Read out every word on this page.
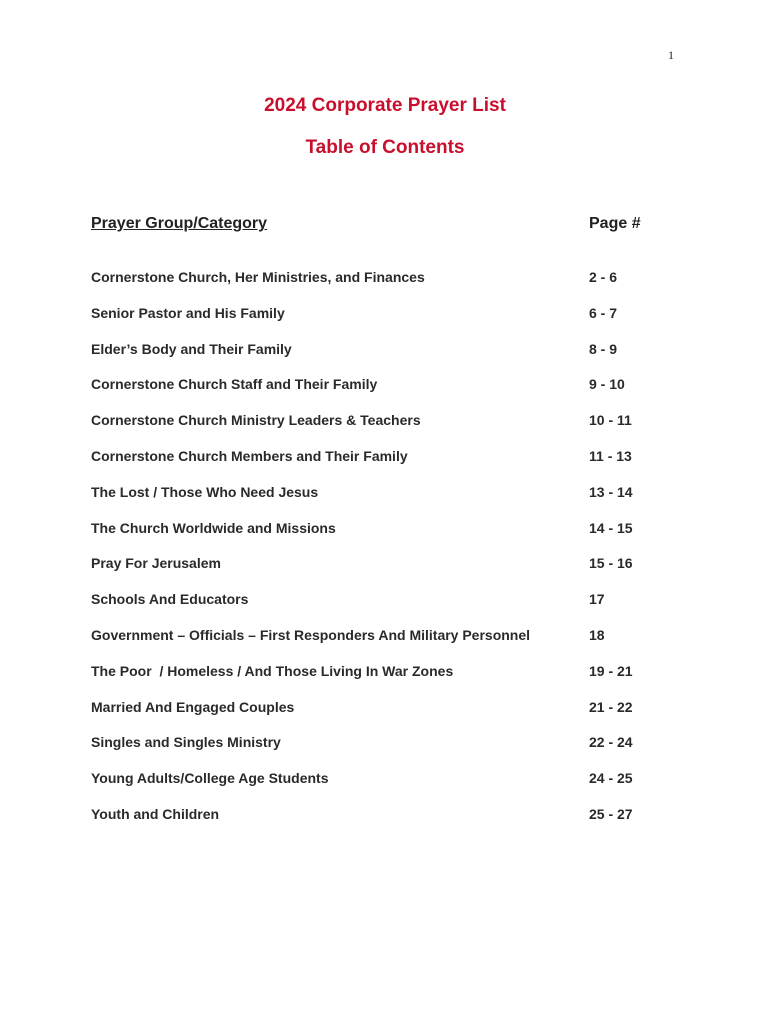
1
2024 Corporate Prayer List
Table of Contents
Prayer Group/Category	Page #
Cornerstone Church, Her Ministries, and Finances	2 - 6
Senior Pastor and His Family	6 - 7
Elder’s Body and Their Family	8 - 9
Cornerstone Church Staff and Their Family	9 - 10
Cornerstone Church Ministry Leaders & Teachers	10 - 11
Cornerstone Church Members and Their Family	11 - 13
The Lost / Those Who Need Jesus	13 - 14
The Church Worldwide and Missions	14 - 15
Pray For Jerusalem	15 - 16
Schools And Educators	17
Government – Officials – First Responders And Military Personnel	18
The Poor  / Homeless / And Those Living In War Zones	19 - 21
Married And Engaged Couples	21 - 22
Singles and Singles Ministry	22 - 24
Young Adults/College Age Students	24 - 25
Youth and Children	25 - 27
